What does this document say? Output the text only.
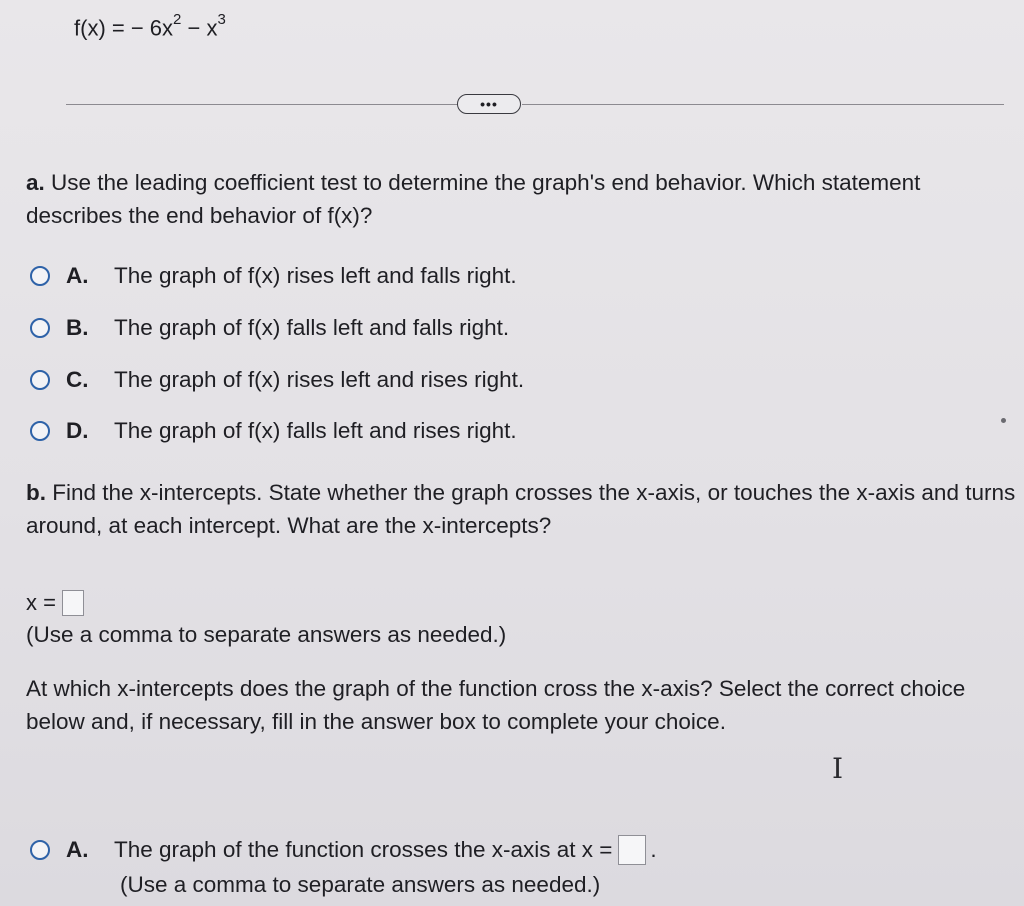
f(x) = − $6x^2 - x^3$
•••
a. Use the leading coefficient test to determine the graph's end behavior. Which statement describes the end behavior of f(x)?
A.	The graph of f(x) rises left and falls right.
B.	The graph of f(x) falls left and falls right.
C.	The graph of f(x) rises left and rises right.
D.	The graph of f(x) falls left and rises right.
b. Find the x-intercepts. State whether the graph crosses the x-axis, or touches the x-axis and turns around, at each intercept. What are the x-intercepts?
x =
(Use a comma to separate answers as needed.)
At which x-intercepts does the graph of the function cross the x-axis? Select the correct choice below and, if necessary, fill in the answer box to complete your choice.
I
A.	The graph of the function crosses the x-axis at x = .
(Use a comma to separate answers as needed.)
